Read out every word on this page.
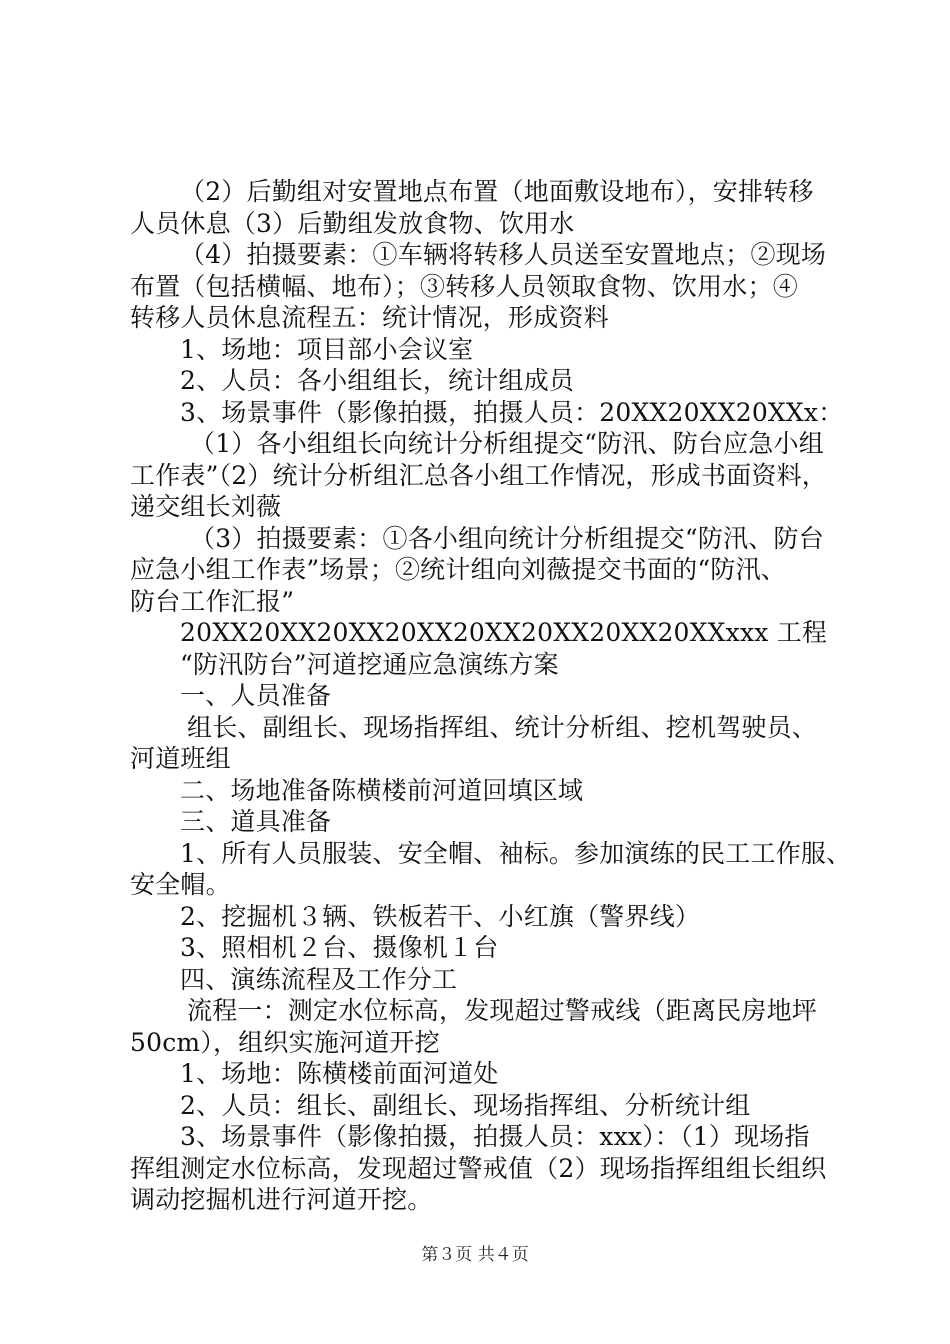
（2）后勤组对安置地点布置（地面敷设地布），安排转移
人员休息（3）后勤组发放食物、饮用水
（4）拍摄要素：①车辆将转移人员送至安置地点；②现场
布置（包括横幅、地布）；③转移人员领取食物、饮用水；④
转移人员休息流程五：统计情况，形成资料
1、场地：项目部小会议室
2、人员：各小组组长，统计组成员
3、场景事件（影像拍摄，拍摄人员：20XX20XX20XXx：
（1）各小组组长向统计分析组提交“防汛、防台应急小组
工作表”（2）统计分析组汇总各小组工作情况，形成书面资料，
递交组长刘薇
（3）拍摄要素：①各小组向统计分析组提交“防汛、防台
应急小组工作表”场景；②统计组向刘薇提交书面的“防汛、
防台工作汇报”
20XX20XX20XX20XX20XX20XX20XX20XXxxx 工程
“防汛防台”河道挖通应急演练方案
一、人员准备
组长、副组长、现场指挥组、统计分析组、挖机驾驶员、
河道班组
二、场地准备陈横楼前河道回填区域
三、道具准备
1、所有人员服装、安全帽、袖标。参加演练的民工工作服、
安全帽。
2、挖掘机３辆、铁板若干、小红旗（警界线）
3、照相机２台、摄像机１台
四、演练流程及工作分工
流程一：测定水位标高，发现超过警戒线（距离民房地坪
50cm），组织实施河道开挖
1、场地：陈横楼前面河道处
2、人员：组长、副组长、现场指挥组、分析统计组
3、场景事件（影像拍摄，拍摄人员：xxx）：（1）现场指
挥组测定水位标高，发现超过警戒值（2）现场指挥组组长组织
调动挖掘机进行河道开挖。
第３页 共４页
